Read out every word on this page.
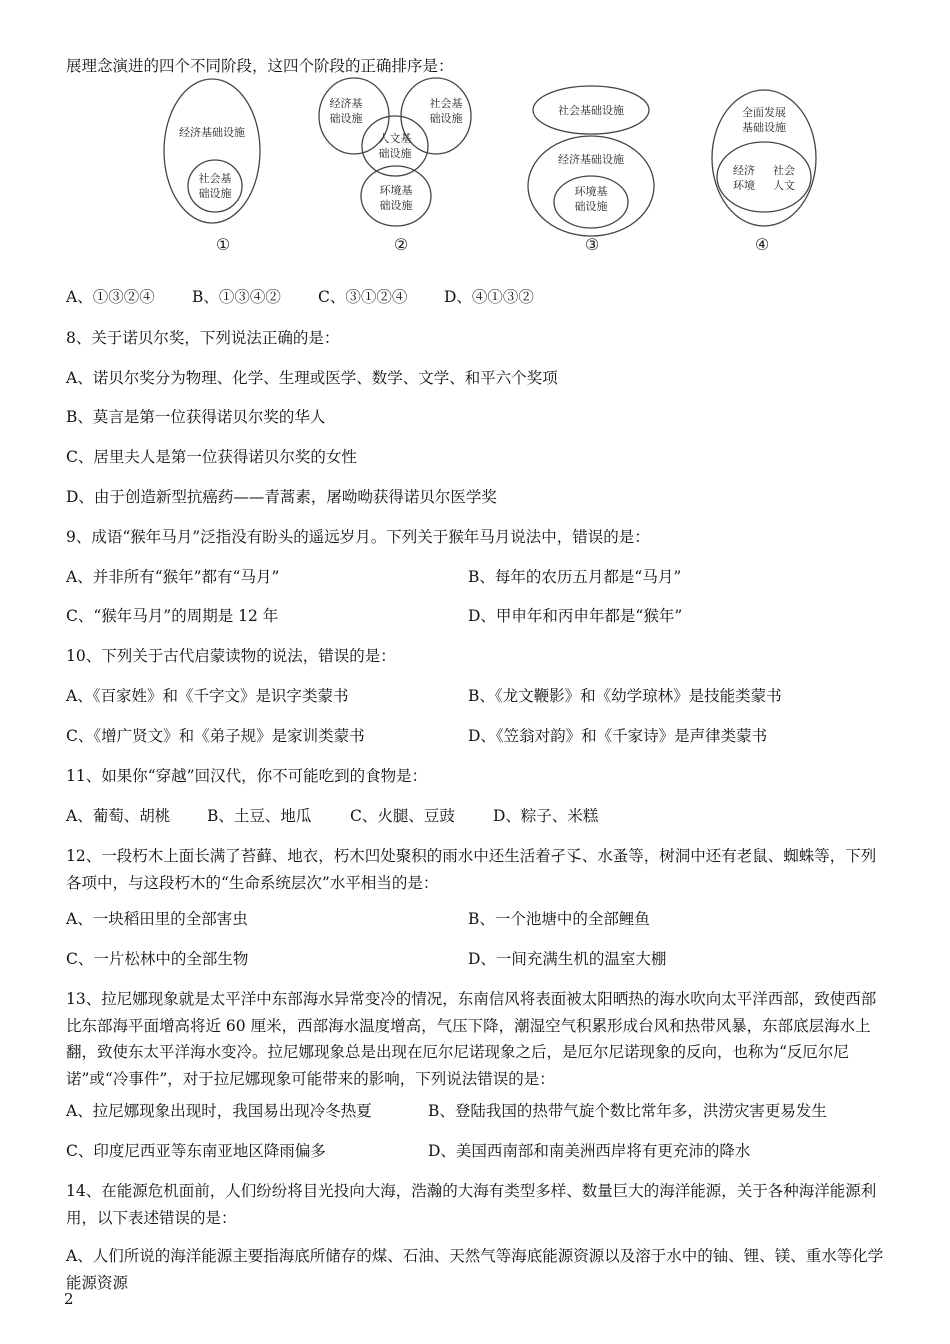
展理念演进的四个不同阶段，这四个阶段的正确排序是：
经济基础设施
社会基
础设施
经济基
础设施
社会基
础设施
人文基
础设施
环境基
础设施
社会基础设施
经济基础设施
环境基
础设施
全面发展
基础设施
经济
环境
社会
人文
①	②	③	④
A、①③②④ B、①③④② C、③①②④ D、④①③②
8、关于诺贝尔奖，下列说法正确的是：
A、诺贝尔奖分为物理、化学、生理或医学、数学、文学、和平六个奖项
B、莫言是第一位获得诺贝尔奖的华人
C、居里夫人是第一位获得诺贝尔奖的女性
D、由于创造新型抗癌药——青蒿素，屠呦呦获得诺贝尔医学奖
9、成语“猴年马月”泛指没有盼头的遥远岁月。下列关于猴年马月说法中，错误的是：
A、并非所有“猴年”都有“马月”	B、每年的农历五月都是“马月”
C、“猴年马月”的周期是 12 年	D、甲申年和丙申年都是“猴年”
10、下列关于古代启蒙读物的说法，错误的是：
A、《百家姓》和《千字文》是识字类蒙书	B、《龙文鞭影》和《幼学琼林》是技能类蒙书
C、《增广贤文》和《弟子规》是家训类蒙书	D、《笠翁对韵》和《千家诗》是声律类蒙书
11、如果你“穿越”回汉代，你不可能吃到的食物是：
A、葡萄、胡桃 B、土豆、地瓜 C、火腿、豆豉 D、粽子、米糕
12、一段朽木上面长满了苔藓、地衣，朽木凹处聚积的雨水中还生活着孑孓、水蚤等，树洞中还有老鼠、蜘蛛等，下列各项中，与这段朽木的“生命系统层次”水平相当的是：
A、一块稻田里的全部害虫	B、一个池塘中的全部鲤鱼
C、一片松林中的全部生物	D、一间充满生机的温室大棚
13、拉尼娜现象就是太平洋中东部海水异常变冷的情况，东南信风将表面被太阳晒热的海水吹向太平洋西部，致使西部比东部海平面增高将近 60 厘米，西部海水温度增高，气压下降，潮湿空气积累形成台风和热带风暴，东部底层海水上翻，致使东太平洋海水变冷。拉尼娜现象总是出现在厄尔尼诺现象之后，是厄尔尼诺现象的反向，也称为“反厄尔尼诺”或“冷事件”，对于拉尼娜现象可能带来的影响，下列说法错误的是：
A、拉尼娜现象出现时，我国易出现冷冬热夏	B、登陆我国的热带气旋个数比常年多，洪涝灾害更易发生
C、印度尼西亚等东南亚地区降雨偏多	D、美国西南部和南美洲西岸将有更充沛的降水
14、在能源危机面前，人们纷纷将目光投向大海，浩瀚的大海有类型多样、数量巨大的海洋能源，关于各种海洋能源利用，以下表述错误的是：
A、人们所说的海洋能源主要指海底所储存的煤、石油、天然气等海底能源资源以及溶于水中的铀、锂、镁、重水等化学能源资源
2
